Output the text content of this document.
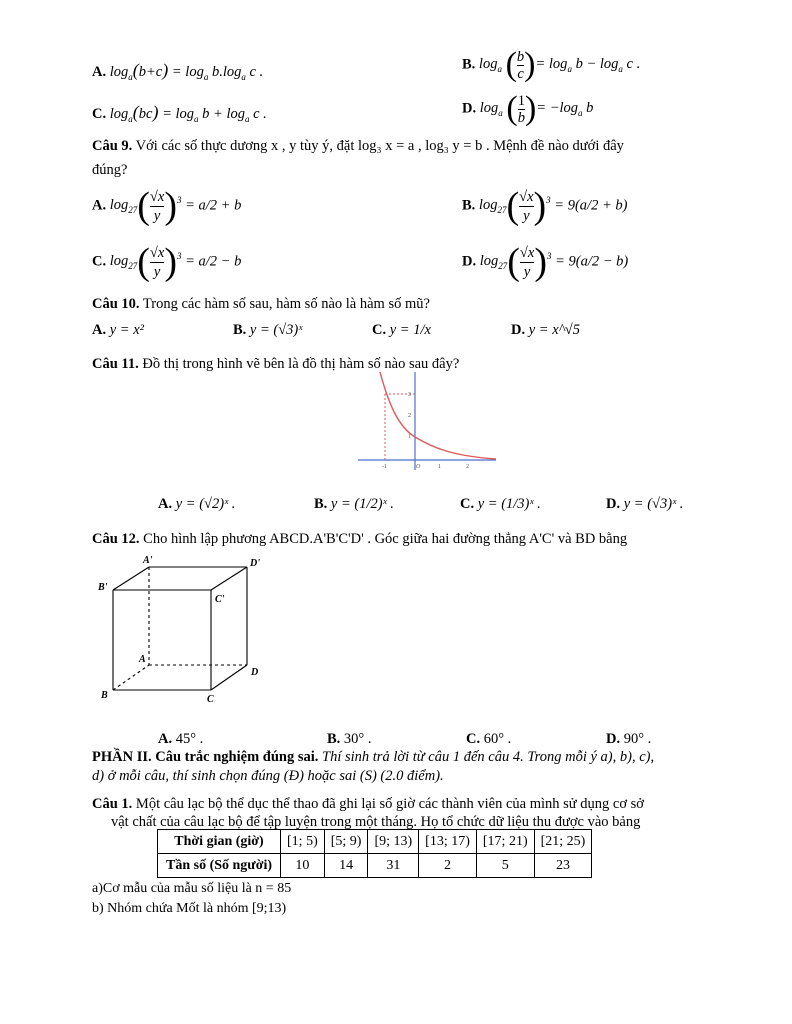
A. $\log_a(b+c) = \log_a b.\log_a$ c .	B. $\log_a$ ( $\frac{b}{c}$ )= $\log_a b - \log_a c$ .
C. $\log_a(bc) = \log_a b + \log_a c$ .	D. $\log_a$ ( $\frac{1}{b}$ )= $-\log_a$ b
Câu 9. Với các số thực dương x , y tùy ý, đặt log₃ x = a , log₃ y = b . Mệnh đề nào dưới đây
đúng?
A. $\log_{27}( \frac{√x}{y} )^3 = a/2 + b$	B. $\log_{27}( \frac{√x}{y} )^3 = 9(a/2 + b)$
C. $\log_{27}( \frac{√x}{y} )^3 = a/2 - b$	D. $\log_{27}( \frac{√x}{y} )^3 = 9(a/2 - b)$
Câu 10. Trong các hàm số sau, hàm số nào là hàm số mũ?
A. y = x²	B. y = (√3)ˣ	C. y = 1/x	D. y = x^√5
Câu 11. Đồ thị trong hình vẽ bên là đồ thị hàm số nào sau đây?
-1	O	1	2
3
2
1
A. y = (√2)ˣ .	B. y = (1/2)ˣ .	C. y = (1/3)ˣ .	D. y = (√3)ˣ .
Câu 12. Cho hình lập phương ABCD.A'B'C'D' . Góc giữa hai đường thẳng A'C' và BD bằng
A'	D'
B'
C'
A
D
B	C
A. 45° .	B. 30° .	C. 60° .	D. 90° .
PHẦN II. Câu trắc nghiệm đúng sai. Thí sinh trả lời từ câu 1 đến câu 4. Trong mỗi ý a), b), c),
d) ở mỗi câu, thí sinh chọn đúng (Đ) hoặc sai (S) (2.0 điểm).
Câu 1. Một câu lạc bộ thể dục thể thao đã ghi lại số giờ các thành viên của mình sử dụng cơ sở
vật chất của câu lạc bộ để tập luyện trong một tháng. Họ tổ chức dữ liệu thu được vào bảng
Thời gian (giờ)	[1; 5)	[5; 9)	[9; 13)	[13; 17)	[17; 21)	[21; 25)
Tần số (Số người)	10	14	31	2	5	23
a)Cơ mẫu của mẫu số liệu là n = 85
b) Nhóm chứa Mốt là nhóm [9;13)
